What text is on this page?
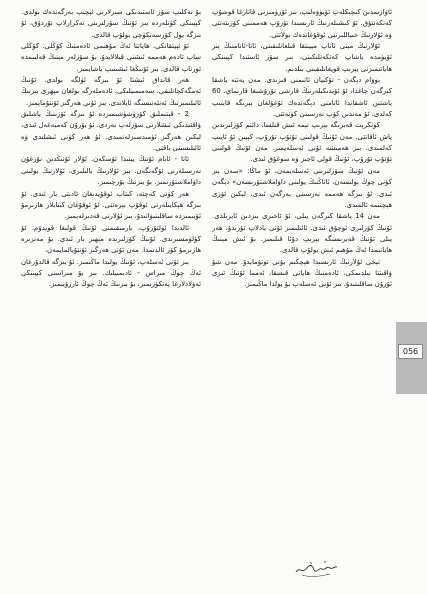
ئاۋازىمدىن كىچىكلەپ ئۆيۈۋەلىپ، بىز ئۆزۈمىزنى قاتارغا قوشۇپ كەتكەنتۇق. ئۇ كىشىلەرنىڭ ئارىسىدا تۇرۇپ ھەممىنى كۆزىتەتتى ۋە ئۇلارنىڭ خىياللىرىنى ئوقۇغاندەك بولاتتى.

ئۇلارنىڭ مېنى ئاتاپ مېيىتقا قىلغانلىقىنى، ئاتا-ئانامنىڭ بىر ئۆيۈمدە ياشاپ كەتكەنلىكىنى، بىر سۆز ئاستىدا كېيىنكى ھاياتىمىزنى يېزىپ قويغانلىقىنى بىلدىم.

بوۋام دېگەن - تۇكىيان ئاتىمنى قىزىدى. مەن يەتتە ياشقا كىرگەن چاغدا، ئۇ ئۆيدىكىلەرنىڭ قارشى تۇرۇشىغا قارىماي، 60 ياشتىن ئاشقاندا ئاتامنى دېگەندەك تۇغۇلغان يېرىگە قايتىپ كەلدى. ئۇ مەندىن كۆپ نەرسىنى كۈتەتتى.

كونكرېت قەبرىگە بېرىپ نېمە ئىش قىلسا، دائىم كۆزلىرىدىن ياش ئاقاتتى. مەن ئۇنىڭ قولىنى تۇتۇپ تۇرۇپ، كېيىن ئۇ ئايىپ كەلمىدى. بىز ھەمىشە ئۇنى ئەسلەيمىز. مەن ئۇنىڭ قولىنى تۇتۇپ تۇرۇپ، ئۇنىڭ قولى ئاجىز ۋە سوغۇق ئىدى.

مەن ئۇنىڭ سۆزلىرىنى ئەسلەيمەن، ئۇ ماڭا: «سەن بىر كۈنى چوڭ بولىسەن، ئاتاڭنىڭ يولىنى داۋاملاشتۇرىسەن» دېگەن ئىدى. ئۇ بىزگە ھەممە نەرسىنى بەرگەن ئىدى، لېكىن ئۆزى ھېچنىمە ئالمىدى.

مەن 14 ياشقا كىرگەن يىلى، ئۇ ئاخىرى بىزدىن ئايرىلدى. ئۇنىڭ كۆزلىرى ئوچۇق ئىدى. ئائىلىمىز ئۇنى يادلاپ تۇرىدۇ، ھەر يىلى ئۇنىڭ قەبرىسىگە بېرىپ دۇئا قىلىمىز. بۇ ئىش مېنىڭ ھاياتىمدا ئەڭ مۇھىم ئىش بولۇپ قالدى.

تېخى ئۇلارنىڭ ئارىسىدا ھېچكىم بۇنى تونۇمايدۇ. مەن شۇ ۋاقىتتا بىلدىمكى، ئادەمنىڭ ھاياتى قىسقا، ئەمما ئۇنىڭ ئىزى ئۇزۇن ساقلىنىدۇ. بىز ئۇنى ئەسلەپ بۇ يولدا ماڭىمىز.

بۇ تەكلىپ سۆز ئاستىدىكى سىرلارنى ئېچىپ بەرگەندەك بولدى. كېيىنكى كۈنلەردە بىز ئۇنىڭ سۆزلىرىنى تەكرارلاپ تۇردۇق، ئۇ بىزگە يول كۆرسەتكۈچى بولۇپ قالدى.

ئۇ ئېيتقانكى، ھاياتتا ئەڭ مۇھىمى ئادەمنىڭ كۆڭلى. كۆڭلى ساپ ئادەم ھەممە ئىشنى قىلالايدۇ. بۇ سۆزلەر مېنىڭ قەلبىمدە ئورناپ قالدى. بىز ئۇنىڭغا ئىشىنىپ ياشايمىز.

ھەر قانداق ئىشتا ئۇ بىزگە ئۈلگە بولدى. ئۇنىڭ ئەمگەكچانلىقى، سەمىمىيلىكى، ئادەملەرگە بولغان مېھرى بىزنىڭ ئائىلىمىزنىڭ ئەنئەنىسىگە ئايلاندى. بىز ئۇنى ھەرگىز ئۇنتۇمايمىز.

2 - قېتىملىق كۆرۈشۈشىمىزدە ئۇ بىزگە ئۆزىنىڭ ياشلىق ۋاقتىدىكى ئىشلارنى سۆزلەپ بەردى. ئۇ بۇرۇن كەمبەغەل ئىدى، لېكىن ھەرگىز ئۈمىدسىزلەنمىدى. ئۇ ھەر كۈنى ئىشلىدى ۋە ئائىلىسىنى باقتى.

ئاتا - ئانام ئۇنىڭ يېنىدا ئۆسكەن. ئۇلار ئۇنىڭدىن نۇرغۇن نەرسىلەرنى ئۆگەنگەن. بىز ئۇلارنىڭ بالىلىرى، ئۇلارنىڭ يولىنى داۋاملاشتۇرىمىز. بۇ بىزنىڭ بۇرچىمىز.

ھەر كۈنى كەچتە، كىتاب ئوقۇيدىغان ئادىتى بار ئىدى. ئۇ بىزگە ھېكايىلەرنى ئوقۇپ بېرەتتى. ئۇ ئوقۇغان كىتابلار ھازىرمۇ ئۆيىمىزدە ساقلىنىۋاتىدۇ، بىز ئۇلارنى قەدىرلەيمىز.

ئالدىدا ئولتۇرۇپ، بارمىقىمنى ئۇنىڭ قولىغا قويدۇم. ئۇ كۈلۈمسىرىدى. ئۇنىڭ كۆزلىرىدە مېھىر بار ئىدى. بۇ مەنزىرە ھازىرمۇ كۆز ئالدىمدا. مەن ئۇنى ھەرگىز ئۇنتۇيالمايمەن.

بىز ئۇنى ئەسلەپ، ئۇنىڭ يولىدا ماڭىمىز. ئۇ بىزگە قالدۇرغان ئەڭ چوڭ مىراس - ئادىمىيلىك. بىز بۇ مىراسنى كېيىنكى ئەۋلادلارغا يەتكۈزىمىز، بۇ بىزنىڭ ئەڭ چوڭ ئارزۇيىمىز.

056
